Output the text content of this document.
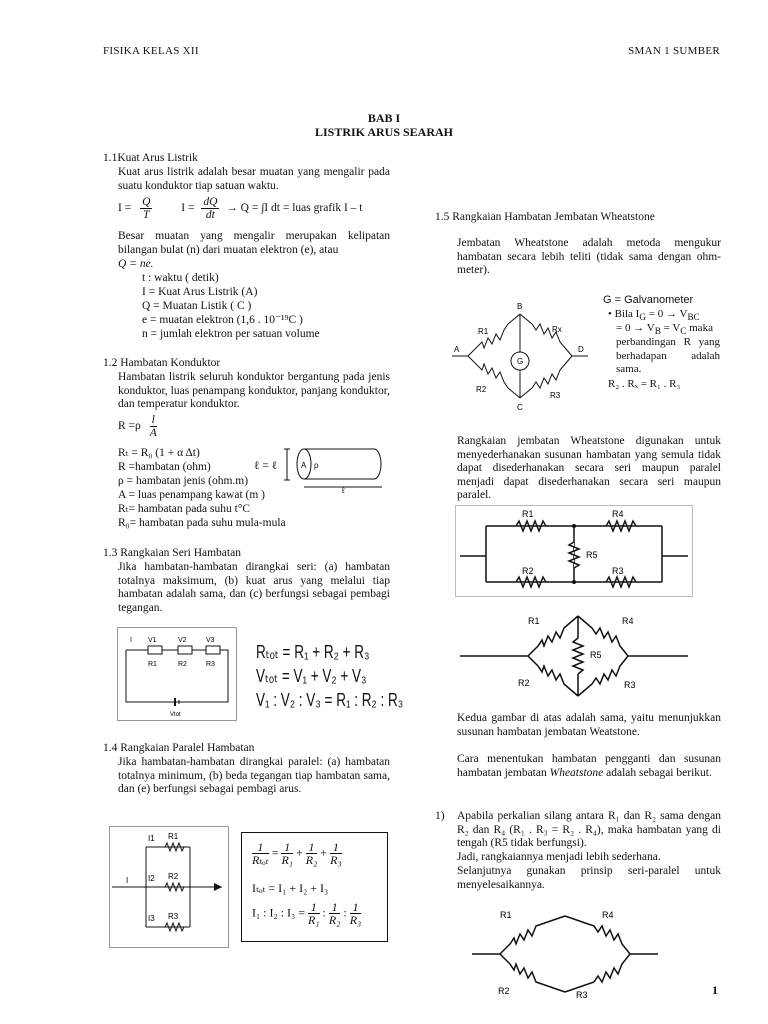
FISIKA KELAS XII	SMAN 1 SUMBER
BAB I
LISTRIK ARUS SEARAH
1.1Kuat Arus Listrik
Kuat arus listrik adalah besar muatan yang mengalir pada suatu konduktor tiap satuan waktu.
$I = \frac{Q}{T}$	$I = \frac{dQ}{dt} \to Q = \int I$ dt = luas grafik I – t
Besar muatan yang mengalir merupakan kelipatan bilangan bulat (n) dari muatan elektron (e), atau
Q = ne.
t : waktu ( detik)
I = Kuat Arus Listrik (A)
Q = Muatan Listik ( C )
e = muatan elektron (1,6 . 10⁻¹⁹C )
n = jumlah elektron per satuan volume
1.2 Hambatan Konduktor
Hambatan listrik seluruh konduktor bergantung pada jenis konduktor, luas penampang konduktor, panjang konduktor, dan temperatur konduktor.
$R =\rho \frac{l}{A}$
Rₜ = R₀ (1 + α Δt)
R =hambatan (ohm)
ρ = hambatan jenis (ohm.m)
A = luas penampang kawat (m )
Rₜ= hambatan pada suhu t°C
R₀= hambatan pada suhu mula-mula
ℓ = ℓ	A ρ
ℓ
1.3 Rangkaian Seri Hambatan
Jika hambatan-hambatan dirangkai seri: (a) hambatan totalnya maksimum, (b) kuat arus yang melalui tiap hambatan adalah sama, dan (c) berfungsi sebagai pembagi tegangan.
I V1	V2	V3
R1	R2	R3
Vtot
Rₜₒₜ = R₁ + R₂ + R₃
Vₜₒₜ = V₁ + V₂ + V₃
V₁ : V₂ : V₃ = R₁ : R₂ : R₃
1.4 Rangkaian Paralel Hambatan
Jika hambatan-hambatan dirangkai paralel: (a) hambatan totalnya minimum, (b) beda tegangan tiap hambatan sama, dan (e) berfungsi sebagai pembagi arus.
I1 R1
I2 R2
I3 R3
I
$\frac{1}{\text{Rₜₒₜ}} = \frac{1}{\text{R₁}} + \frac{1}{\text{R₂}} + \frac{1}{\text{R₃}}$
Iₜₒₜ = I₁ + I₂ + I₃
I₁ : I₂ : $I_3 = \frac{1}{\text{R₁}}$ : $\frac{1}{\text{R₂}}$ : $\frac{1}{\text{R₃}}$
1.5 Rangkaian Hambatan Jembatan Wheatstone
Jembatan Wheatstone adalah metoda mengukur hambatan secara lebih teliti (tidak sama dengan ohm-meter).
B
R1	Rx
A
G
D
R2
C
R3
G = Galvanometer
• Bila $I_G = 0 \to V_{BC}$
= $0 \to V_B = V_C$ maka
perbandingan R yang berhadapan adalah sama.
R₂ . Rₓ = R₁ . R₃
Rangkaian jembatan Wheatstone digunakan untuk menyederhanakan susunan hambatan yang semula tidak dapat disederhanakan secara seri maupun paralel menjadi dapat disederhanakan secara seri maupun paralel.
R1	R4
R5
R2	R3
R1	R4
R5
R2	R3
Kedua gambar di atas adalah sama, yaitu menunjukkan susunan hambatan jembatan Weatstone.
Cara menentukan hambatan pengganti dan susunan hambatan jembatan Wheatstone adalah sebagai berikut.
1) Apabila perkalian silang antara R₁ dan R₂ sama dengan R₂ dan R₄ (R₁ . R₃ = R₂ . R₄), maka hambatan yang di tengah (R5 tidak berfungsi).
Jadi, rangkaiannya menjadi lebih sederhana.
Selanjutnya gunakan prinsip seri-paralel untuk menyelesaikannya.
R1	R4
R2	R3	1
